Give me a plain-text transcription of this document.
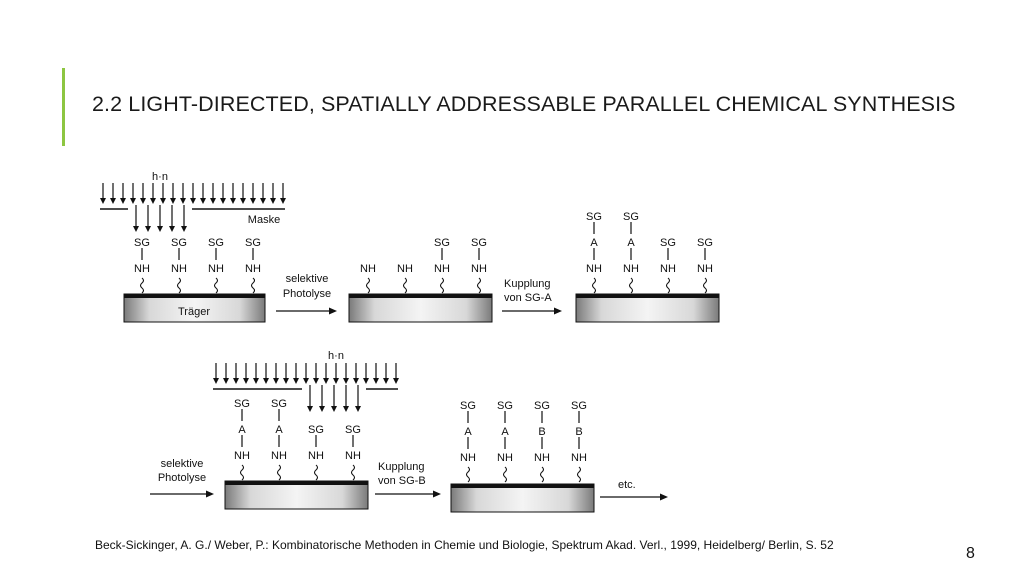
2.2 LIGHT-DIRECTED, SPATIALLY ADDRESSABLE PARALLEL CHEMICAL SYNTHESIS
h·n
Maske
NH
SG
NH
SG
NH
SG
NH
SG
Träger
selektive
Photolyse
NH NH NH
SG
NH
SG
Kupplung
von SG-A
NH
A
SG
NH
A
SG
NH
SG
NH
SG
h·n
NH
A
SG
NH
A
SG
NH
SG
NH
SG
selektive
Photolyse
Kupplung
von SG-B
NH
A
SG
NH
A
SG
NH
B
SG
NH
B
SG
etc.
Beck-Sickinger, A. G./ Weber, P.: Kombinatorische Methoden in Chemie und Biologie, Spektrum Akad. Verl., 1999, Heidelberg/ Berlin, S. 52	8
